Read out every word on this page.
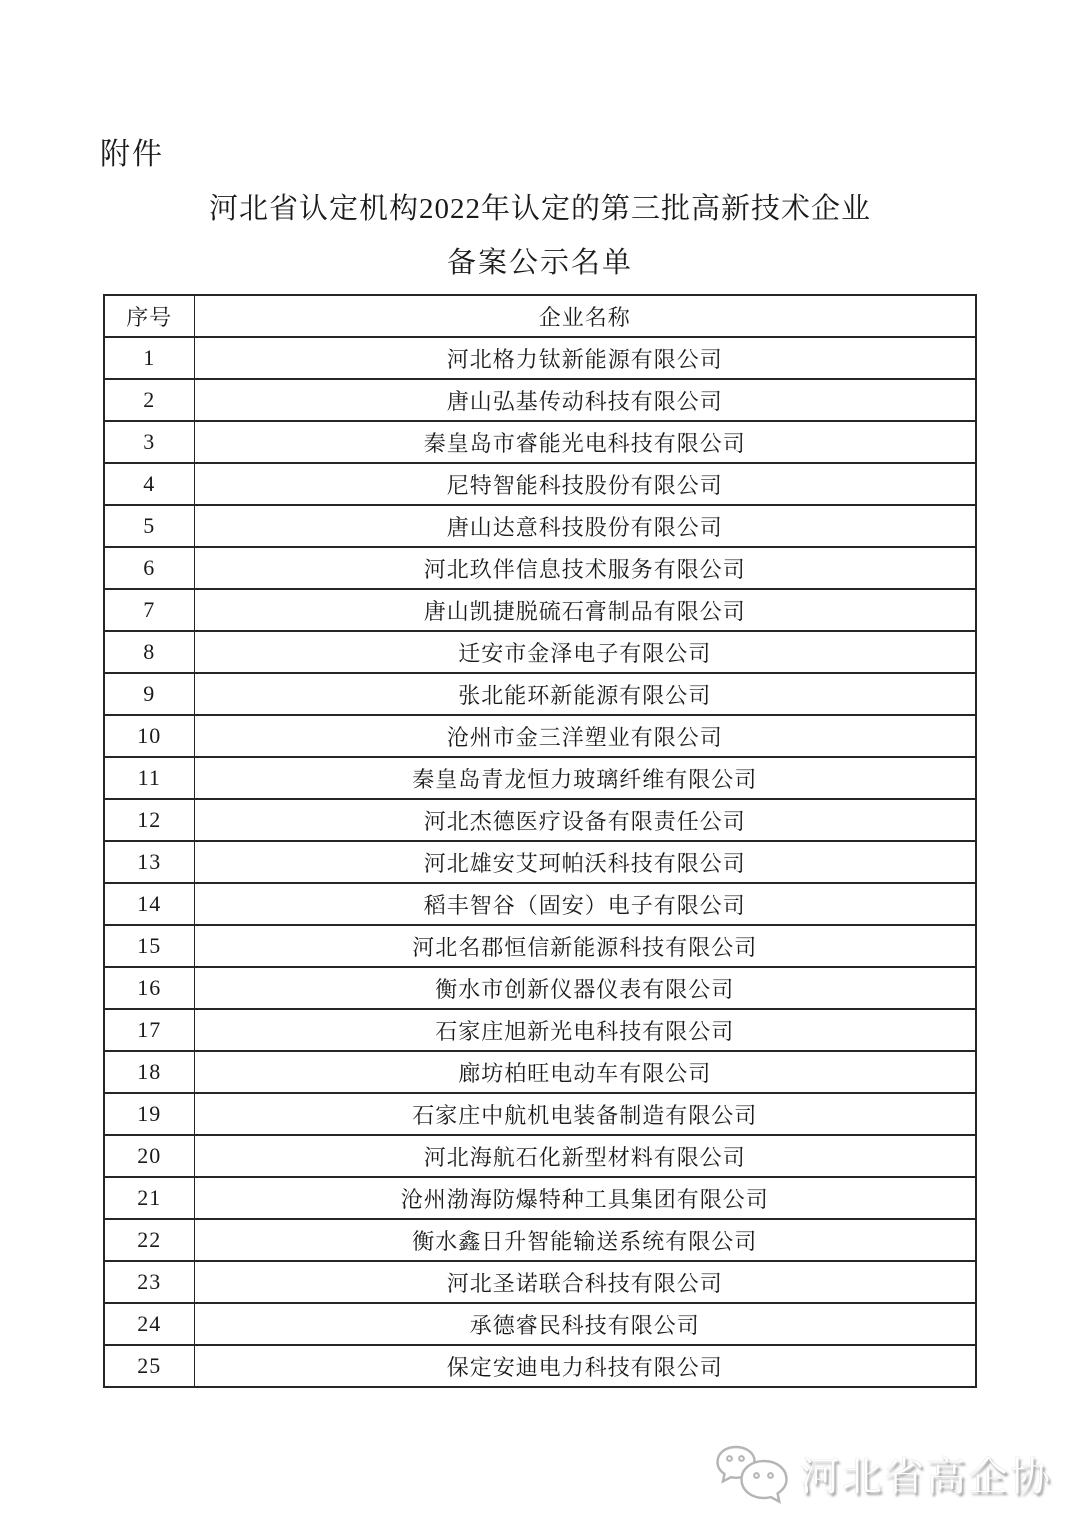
附件
河北省认定机构2022年认定的第三批高新技术企业
备案公示名单
序号	企业名称
1	河北格力钛新能源有限公司
2	唐山弘基传动科技有限公司
3	秦皇岛市睿能光电科技有限公司
4	尼特智能科技股份有限公司
5	唐山达意科技股份有限公司
6	河北玖伴信息技术服务有限公司
7	唐山凯捷脱硫石膏制品有限公司
8	迁安市金泽电子有限公司
9	张北能环新能源有限公司
10	沧州市金三洋塑业有限公司
11	秦皇岛青龙恒力玻璃纤维有限公司
12	河北杰德医疗设备有限责任公司
13	河北雄安艾珂帕沃科技有限公司
14	稻丰智谷（固安）电子有限公司
15	河北名郡恒信新能源科技有限公司
16	衡水市创新仪器仪表有限公司
17	石家庄旭新光电科技有限公司
18	廊坊柏旺电动车有限公司
19	石家庄中航机电装备制造有限公司
20	河北海航石化新型材料有限公司
21	沧州渤海防爆特种工具集团有限公司
22	衡水鑫日升智能输送系统有限公司
23	河北圣诺联合科技有限公司
24	承德睿民科技有限公司
25	保定安迪电力科技有限公司
河北省高企协
